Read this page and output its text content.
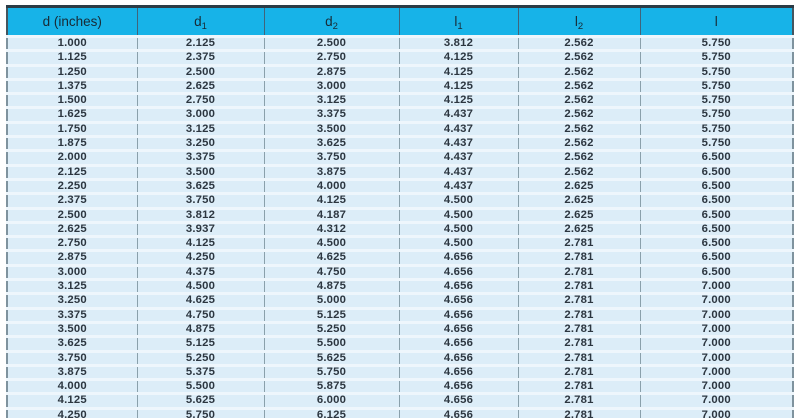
d (inches)	$d_1$	$d_2$	$l_1$	$l_2$	l
1.000	2.125	2.500	3.812	2.562	5.750
1.125	2.375	2.750	4.125	2.562	5.750
1.250	2.500	2.875	4.125	2.562	5.750
1.375	2.625	3.000	4.125	2.562	5.750
1.500	2.750	3.125	4.125	2.562	5.750
1.625	3.000	3.375	4.437	2.562	5.750
1.750	3.125	3.500	4.437	2.562	5.750
1.875	3.250	3.625	4.437	2.562	5.750
2.000	3.375	3.750	4.437	2.562	6.500
2.125	3.500	3.875	4.437	2.562	6.500
2.250	3.625	4.000	4.437	2.625	6.500
2.375	3.750	4.125	4.500	2.625	6.500
2.500	3.812	4.187	4.500	2.625	6.500
2.625	3.937	4.312	4.500	2.625	6.500
2.750	4.125	4.500	4.500	2.781	6.500
2.875	4.250	4.625	4.656	2.781	6.500
3.000	4.375	4.750	4.656	2.781	6.500
3.125	4.500	4.875	4.656	2.781	7.000
3.250	4.625	5.000	4.656	2.781	7.000
3.375	4.750	5.125	4.656	2.781	7.000
3.500	4.875	5.250	4.656	2.781	7.000
3.625	5.125	5.500	4.656	2.781	7.000
3.750	5.250	5.625	4.656	2.781	7.000
3.875	5.375	5.750	4.656	2.781	7.000
4.000	5.500	5.875	4.656	2.781	7.000
4.125	5.625	6.000	4.656	2.781	7.000
4.250	5.750	6.125	4.656	2.781	7.000
